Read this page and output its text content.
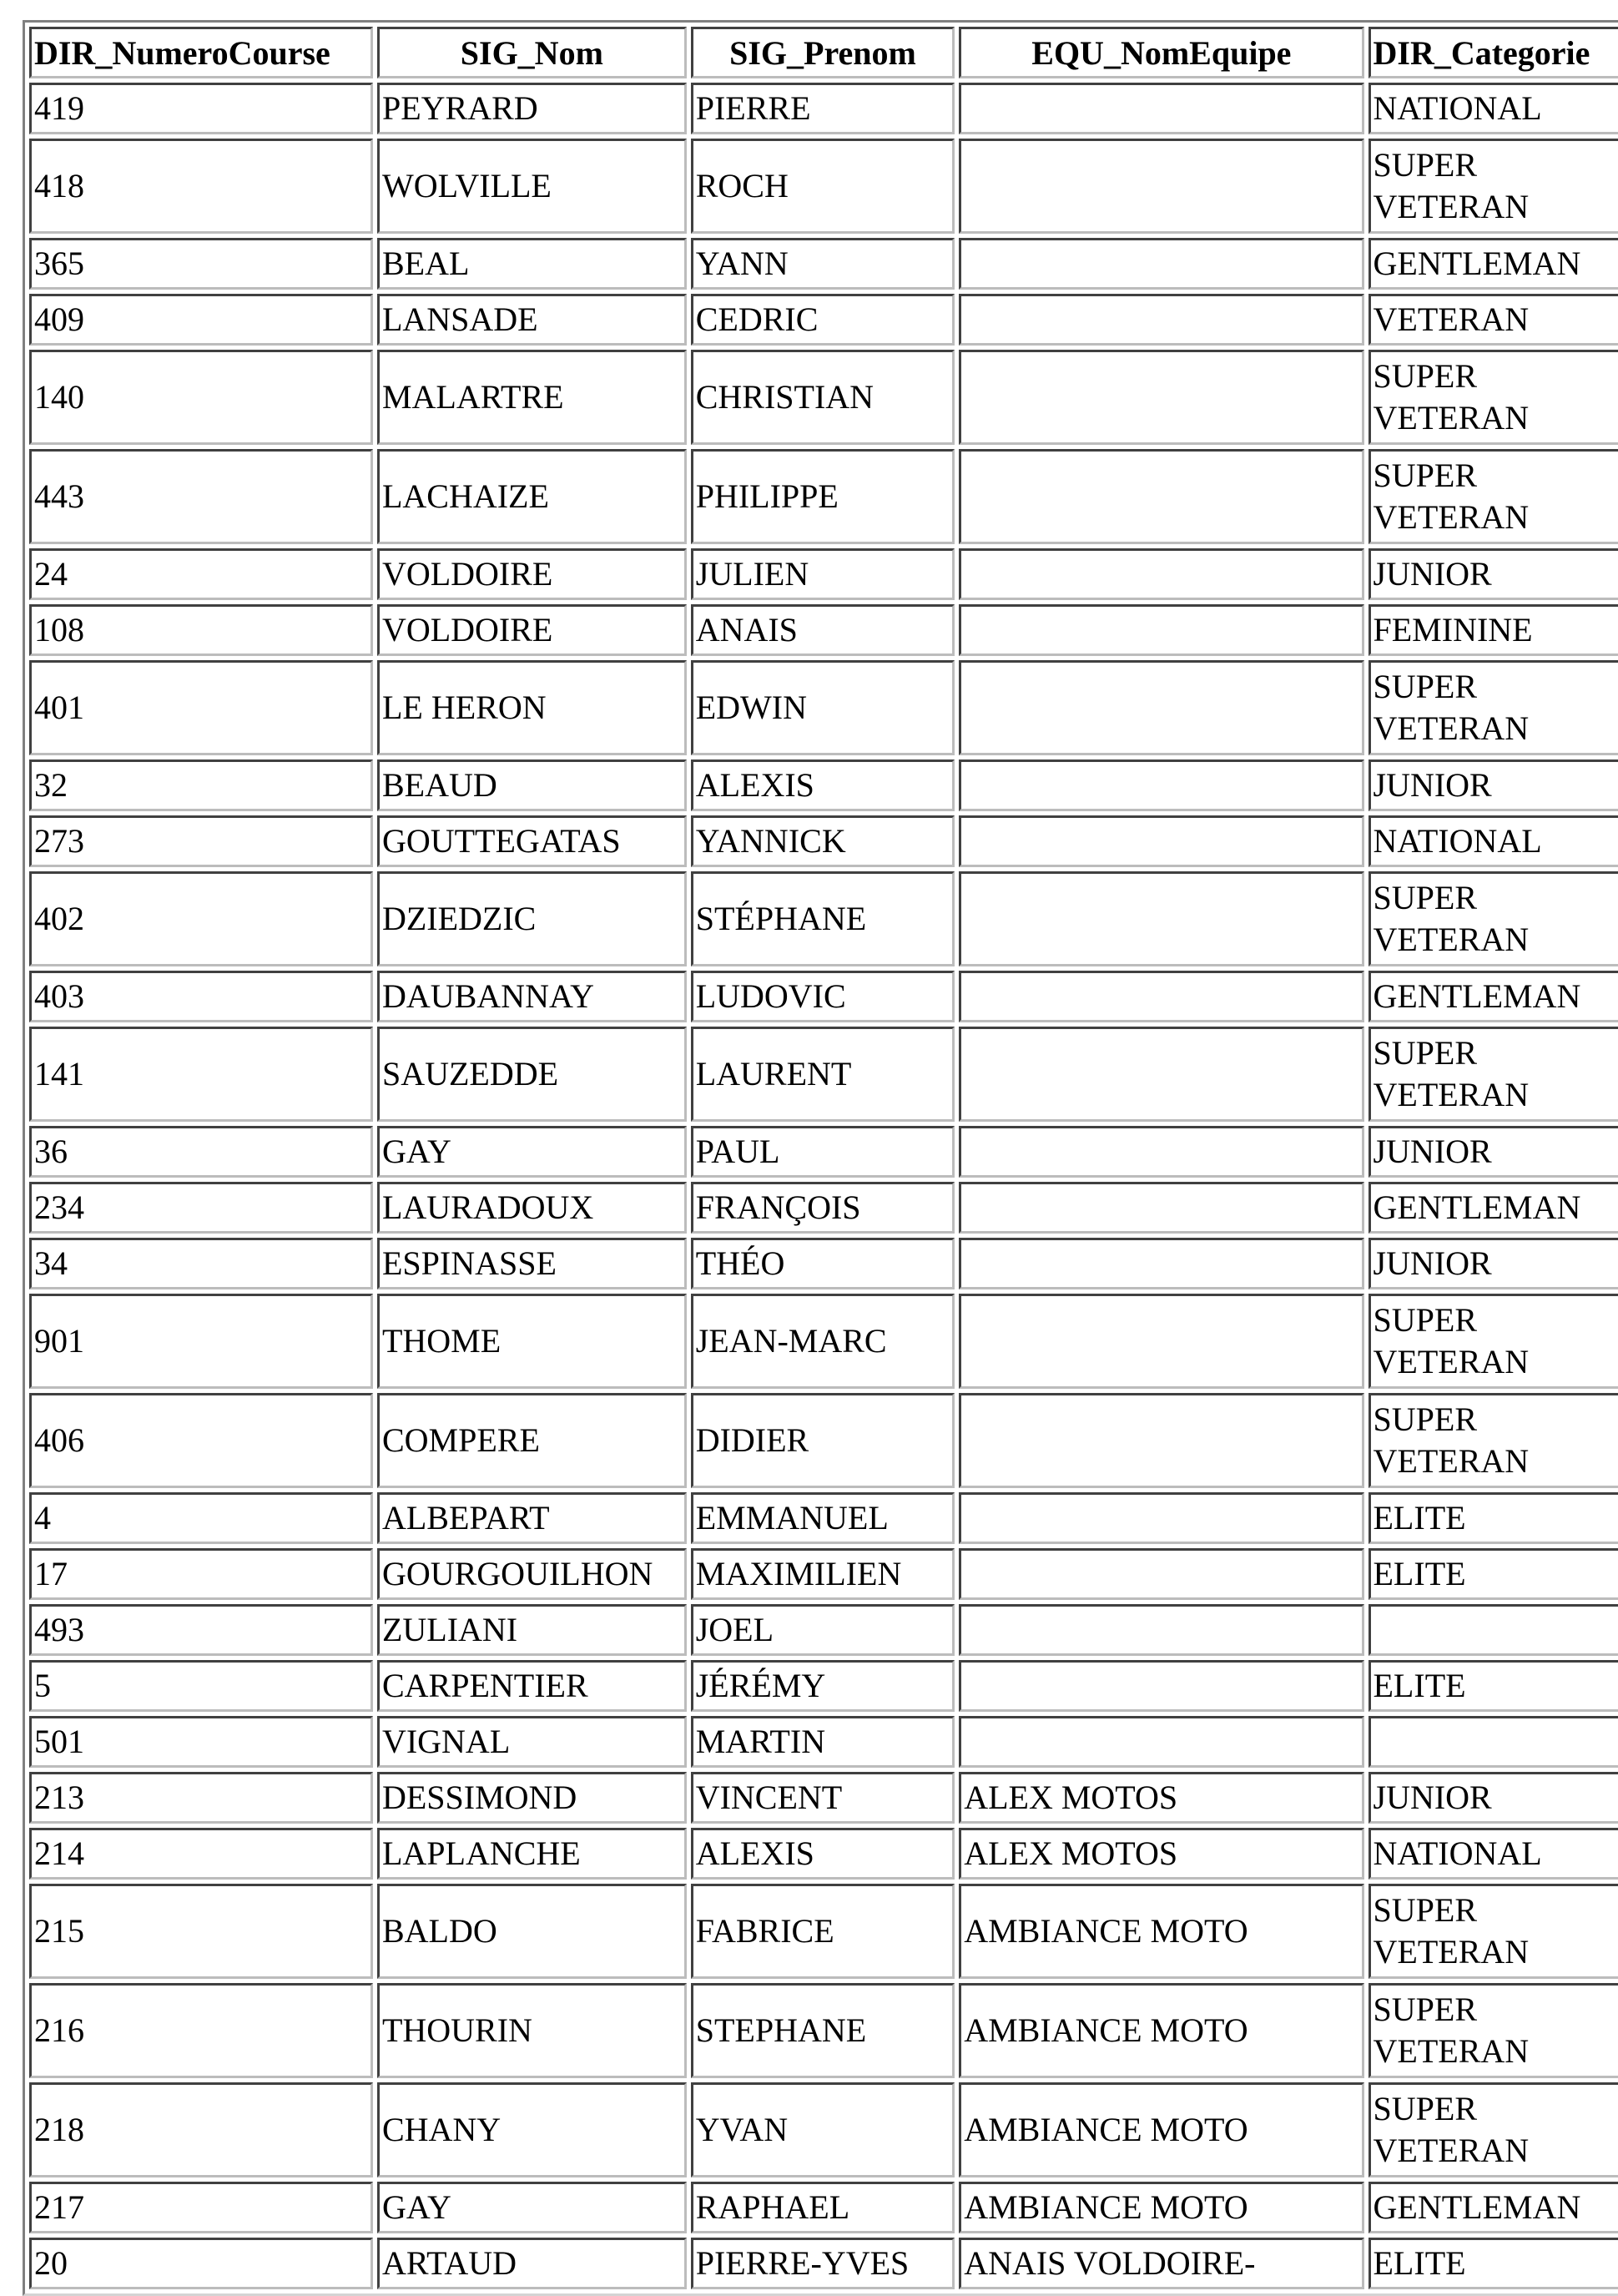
DIR_NumeroCourse	SIG_Nom	SIG_Prenom	EQU_NomEquipe	DIR_Categorie
419	PEYRARD	PIERRE		NATIONAL
418	WOLVILLE	ROCH		SUPER VETERAN
365	BEAL	YANN		GENTLEMAN
409	LANSADE	CEDRIC		VETERAN
140	MALARTRE	CHRISTIAN		SUPER VETERAN
443	LACHAIZE	PHILIPPE		SUPER VETERAN
24	VOLDOIRE	JULIEN		JUNIOR
108	VOLDOIRE	ANAIS		FEMININE
401	LE HERON	EDWIN		SUPER VETERAN
32	BEAUD	ALEXIS		JUNIOR
273	GOUTTEGATAS	YANNICK		NATIONAL
402	DZIEDZIC	STÉPHANE		SUPER VETERAN
403	DAUBANNAY	LUDOVIC		GENTLEMAN
141	SAUZEDDE	LAURENT		SUPER VETERAN
36	GAY	PAUL		JUNIOR
234	LAURADOUX	FRANÇOIS		GENTLEMAN
34	ESPINASSE	THÉO		JUNIOR
901	THOME	JEAN-MARC		SUPER VETERAN
406	COMPERE	DIDIER		SUPER VETERAN
4	ALBEPART	EMMANUEL		ELITE
17	GOURGOUILHON	MAXIMILIEN		ELITE
493	ZULIANI	JOEL		
5	CARPENTIER	JÉRÉMY		ELITE
501	VIGNAL	MARTIN		
213	DESSIMOND	VINCENT	ALEX MOTOS	JUNIOR
214	LAPLANCHE	ALEXIS	ALEX MOTOS	NATIONAL
215	BALDO	FABRICE	AMBIANCE MOTO	SUPER VETERAN
216	THOURIN	STEPHANE	AMBIANCE MOTO	SUPER VETERAN
218	CHANY	YVAN	AMBIANCE MOTO	SUPER VETERAN
217	GAY	RAPHAEL	AMBIANCE MOTO	GENTLEMAN
20	ARTAUD	PIERRE-YVES	ANAIS VOLDOIRE-	ELITE
